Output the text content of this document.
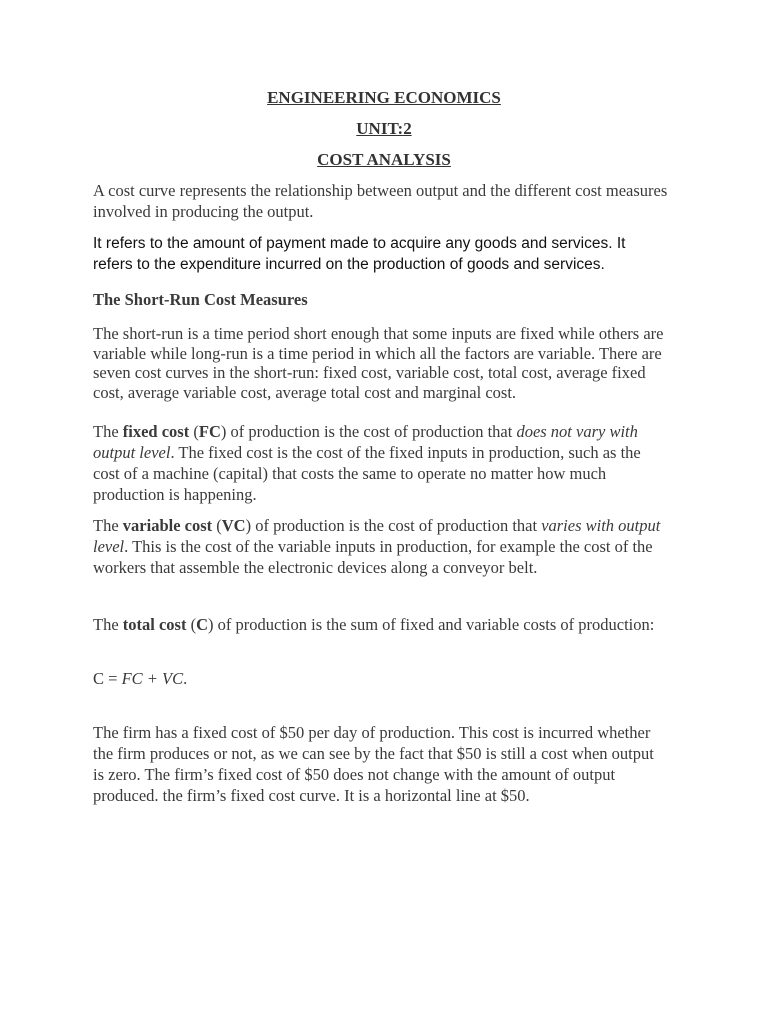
ENGINEERING ECONOMICS
UNIT:2
COST ANALYSIS

A cost curve represents the relationship between output and the different cost measures involved in producing the output.

It refers to the amount of payment made to acquire any goods and services. It refers to the expenditure incurred on the production of goods and services.

The Short-Run Cost Measures

The short-run is a time period short enough that some inputs are fixed while others are variable while long-run is a time period in which all the factors are variable. There are seven cost curves in the short-run: fixed cost, variable cost, total cost, average fixed cost, average variable cost, average total cost and marginal cost.

The fixed cost (FC) of production is the cost of production that does not vary with output level. The fixed cost is the cost of the fixed inputs in production, such as the cost of a machine (capital) that costs the same to operate no matter how much production is happening.

The variable cost (VC) of production is the cost of production that varies with output level. This is the cost of the variable inputs in production, for example the cost of the workers that assemble the electronic devices along a conveyor belt.

The total cost (C) of production is the sum of fixed and variable costs of production:

C = FC + VC.

The firm has a fixed cost of $50 per day of production. This cost is incurred whether the firm produces or not, as we can see by the fact that $50 is still a cost when output is zero. The firm’s fixed cost of $50 does not change with the amount of output produced. the firm’s fixed cost curve. It is a horizontal line at $50.
